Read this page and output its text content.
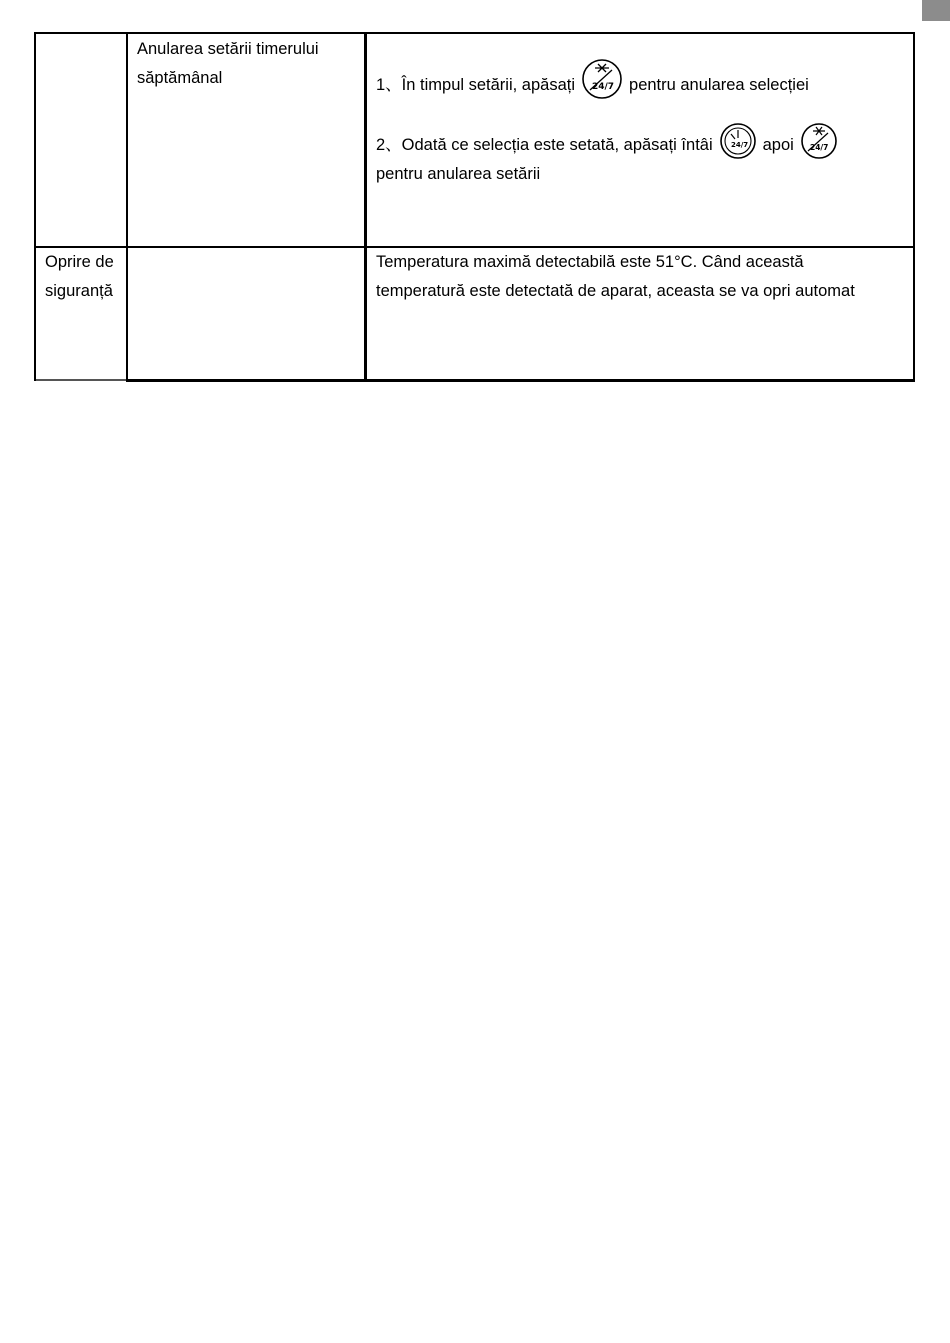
Anularea setării timerului săptămânal	1、În timpul setării, apăsați 24/7 pentru anularea selecției

2、Odată ce selecția este setată, apăsați întâi	24/7 apoi 24/7

pentru anularea setării

Oprire de siguranță
Temperatura maximă detectabilă este 51°C. Când această temperatură este detectată de aparat, aceasta se va opri automat
